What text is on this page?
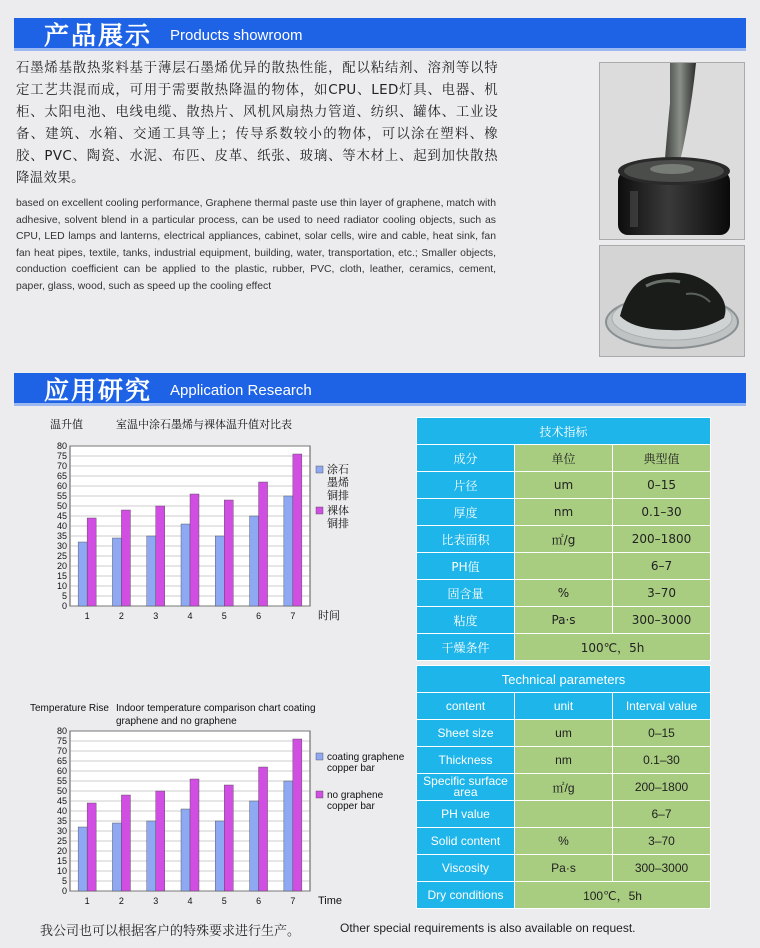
产品展示 Products showroom
石墨烯基散热浆料基于薄层石墨烯优异的散热性能，配以粘结剂、溶剂等以特定工艺共混而成，可用于需要散热降温的物体，如CPU、LED灯具、电器、机柜、太阳电池、电线电缆、散热片、风机风扇热力管道、纺织、罐体、工业设备、建筑、水箱、交通工具等上；传导系数较小的物体，可以涂在塑料、橡胶、PVC、陶瓷、水泥、布匹、皮革、纸张、玻璃、等木材上、起到加快散热降温效果。
based on excellent cooling performance, Graphene thermal paste use thin layer of graphene, match with adhesive, solvent blend in a particular process, can be used to need radiator cooling objects, such as CPU, LED lamps and lanterns, electrical appliances, cabinet, solar cells, wire and cable, heat sink, fan fan heat pipes, textile, tanks, industrial equipment, building, water, transportation, etc.; Smaller objects, conduction coefficient can be applied to the plastic, rubber, PVC, cloth, leather, ceramics, cement, paper, glass, wood, such as speed up the cooling effect
应用研究 Application Research
温升值	室温中涂石墨烯与裸体温升值对比表
0
5
10
15
20
25
30
35
40
45
50
55
60
65
70
75
80
1	2	3	4	5	6	7 时间
涂石
墨烯
铜排
裸体
铜排
Temperature Rise Indoor temperature comparison chart coating graphene and no graphene
0
5
10
15
20
25
30
35
40
45
50
55
60
65
70
75
80
1	2	3	4	5	6	7 Time
coating graphene
copper bar
no graphene
copper bar
技术指标		
成分	单位	典型值
片径	um	0–15
厚度	nm	0.1–30
比表面积	㎡/g	200–1800
PH值		6–7
固含量	%	3–70
粘度	Pa·s	300–3000
干燥条件	100℃，5h	
Technical parameters		
content	unit	Interval value
Sheet size	um	0–15
Thickness	nm	0.1–30
Specific surface area	㎡/g	200–1800
PH value		6–7
Solid content	%	3–70
Viscosity	Pa·s	300–3000
Dry conditions	100℃，5h	
我公司也可以根据客户的特殊要求进行生产。	Other special requirements is also available on request.
